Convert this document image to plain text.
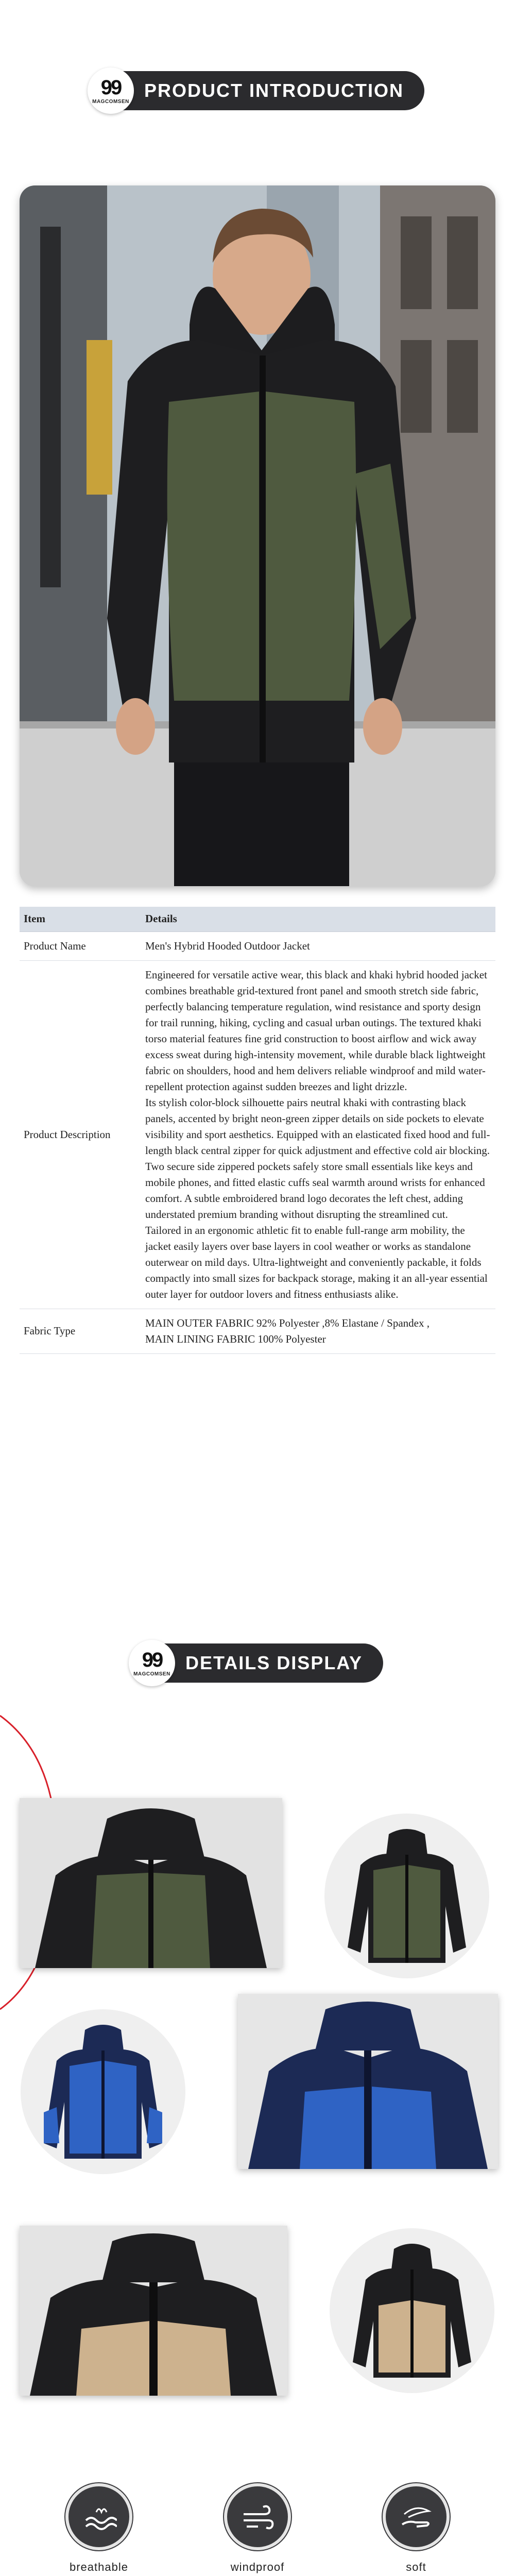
99
MAGCOMSEN
PRODUCT INTRODUCTION
Item	Details
Product Name	Men's Hybrid Hooded Outdoor Jacket

Product Description	Engineered for versatile active wear, this black and khaki hybrid hooded jacket combines breathable grid-textured front panel and smooth stretch side fabric, perfectly balancing temperature regulation, wind resistance and sporty design for trail running, hiking, cycling and casual urban outings. The textured khaki torso material features fine grid construction to boost airflow and wick away excess sweat during high-intensity movement, while durable black lightweight fabric on shoulders, hood and hem delivers reliable windproof and mild water-repellent protection against sudden breezes and light drizzle.

Its stylish color-block silhouette pairs neutral khaki with contrasting black panels, accented by bright neon-green zipper details on side pockets to elevate visibility and sport aesthetics. Equipped with an elasticated fixed hood and full-length black central zipper for quick adjustment and effective cold air blocking. Two secure side zippered pockets safely store small essentials like keys and mobile phones, and fitted elastic cuffs seal warmth around wrists for enhanced comfort. A subtle embroidered brand logo decorates the left chest, adding understated premium branding without disrupting the streamlined cut.

Tailored in an ergonomic athletic fit to enable full-range arm mobility, the jacket easily layers over base layers in cool weather or works as standalone outerwear on mild days. Ultra-lightweight and conveniently packable, it folds compactly into small sizes for backpack storage, making it an all-year essential outer layer for outdoor lovers and fitness enthusiasts alike.

Fabric Type	MAIN OUTER FABRIC 92% Polyester ,8% Elastane / Spandex ,

MAIN LINING FABRIC 100% Polyester

99
MAGCOMSEN
DETAILS DISPLAY
breathable	windproof	soft
